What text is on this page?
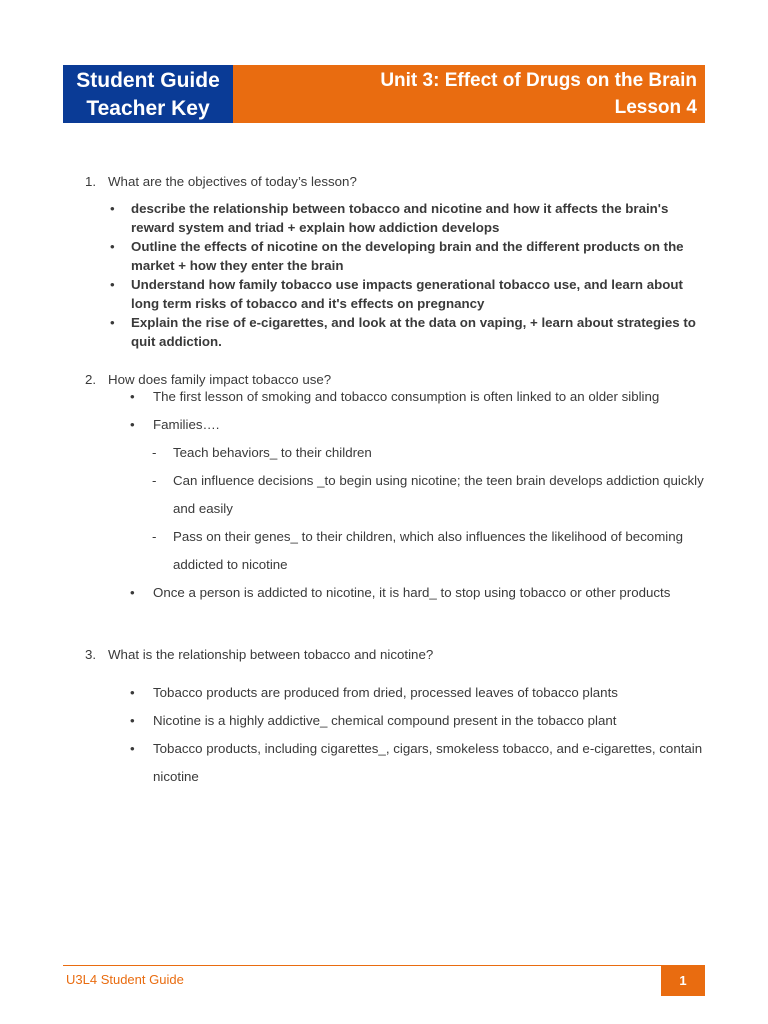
Student Guide
Teacher Key
Unit 3: Effect of Drugs on the Brain
Lesson 4
1. What are the objectives of today’s lesson?
•	describe the relationship between tobacco and nicotine and how it affects the brain's reward system and triad + explain how addiction develops
•	Outline the effects of nicotine on the developing brain and the different products on the market + how they enter the brain
•	Understand how family tobacco use impacts generational tobacco use, and learn about long term risks of tobacco and it's effects on pregnancy
•	Explain the rise of e-cigarettes, and look at the data on vaping, + learn about strategies to quit addiction.
2. How does family impact tobacco use?
•	The first lesson of smoking and tobacco consumption is often linked to an older sibling
•	Families….
-	Teach behaviors_ to their children
-	Can influence decisions _to begin using nicotine; the teen brain develops addiction quickly and easily
-	Pass on their genes_ to their children, which also influences the likelihood of becoming addicted to nicotine
•	Once a person is addicted to nicotine, it is hard_ to stop using tobacco or other products
3. What is the relationship between tobacco and nicotine?
•	Tobacco products are produced from dried, processed leaves of tobacco plants
•	Nicotine is a highly addictive_ chemical compound present in the tobacco plant
•	Tobacco products, including cigarettes_, cigars, smokeless tobacco, and e-cigarettes, contain nicotine
U3L4 Student Guide	1
